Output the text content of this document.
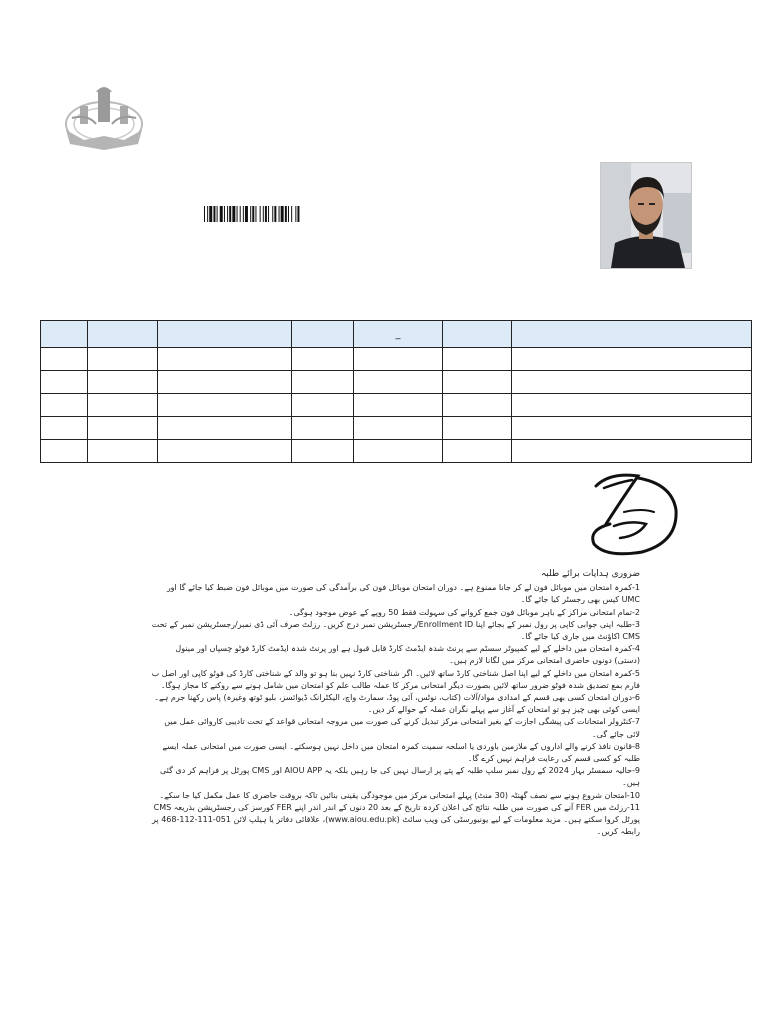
				_		

ضروری ہدایات برائے طلبہ
1-کمرہ امتحان میں موبائل فون لے کر جانا ممنوع ہے۔ دوران امتحان موبائل فون کی برآمدگی کی صورت میں موبائل فون ضبط کیا جائے گا اور UMC کیس بھی رجسٹر کیا جائے گا۔
2-تمام امتحانی مراکز کے باہر موبائل فون جمع کروانے کی سہولت فقط 50 روپے کے عوض موجود ہوگی۔
3-طلبہ اپنی جوابی کاپی پر رول نمبر کے بجائے اپنا Enrollment ID/رجسٹریشن نمبر درج کریں۔ رزلٹ صرف آئی ڈی نمبر/رجسٹریشن نمبر کے تحت CMS اکاؤنٹ میں جاری کیا جائے گا۔
4-کمرہ امتحان میں داخلے کے لیے کمپیوٹر سسٹم سے پرنٹ شدہ ایڈمٹ کارڈ قابل قبول ہے اور پرنٹ شدہ ایڈمٹ کارڈ فوٹو چسپاں اور مینول (دستی) دونوں حاضری امتحانی مرکز میں لگانا لازم ہیں۔
5-کمرہ امتحان میں داخلے کے لیے اپنا اصل شناختی کارڈ ساتھ لائیں۔ اگر شناختی کارڈ نہیں بنا ہو تو والد کے شناختی کارڈ کی فوٹو کاپی اور اصل ب فارم بمع تصدیق شدہ فوٹو ضرور ساتھ لائیں بصورت دیگر امتحانی مرکز کا عملہ طالب علم کو امتحان میں شامل ہونے سے روکنے کا مجاز ہوگا۔
6-دوران امتحان کسی بھی قسم کے امدادی مواد/آلات (کتاب، نوٹس، آئی پوڈ، سمارٹ واچ، الیکٹرانک ڈیوائسز، بلیو ٹوتھ وغیرہ) پاس رکھنا جرم ہے۔ ایسی کوئی بھی چیز ہو تو امتحان کے آغاز سے پہلے نگران عملہ کے حوالے کر دیں۔
7-کنٹرولر امتحانات کی پیشگی اجازت کے بغیر امتحانی مرکز تبدیل کرنے کی صورت میں مروجہ امتحانی قواعد کے تحت تادیبی کاروائی عمل میں لائی جائے گی۔
8-قانون نافذ کرنے والے اداروں کے ملازمین باوردی یا اسلحہ سمیت کمرہ امتحان میں داخل نہیں ہوسکتے۔ ایسی صورت میں امتحانی عملہ ایسے طلبہ کو کسی قسم کی رعایت فراہم نہیں کرے گا۔
9-حالیہ سمسٹر بہار 2024 کے رول نمبر سلپ طلبہ کے پتے پر ارسال نہیں کی جا رہیں بلکہ یہ AIOU APP اور CMS پورٹل پر فراہم کر دی گئی ہیں۔
10-امتحان شروع ہونے سے نصف گھنٹہ (30 منٹ) پہلے امتحانی مرکز میں موجودگی یقینی بنائیں تاکہ بروقت حاضری کا عمل مکمل کیا جا سکے۔
11-رزلٹ میں FER آنے کی صورت میں طلبہ نتائج کی اعلان کردہ تاریخ کے بعد 20 دنوں کے اندر اندر اپنے FER کورسز کی رجسٹریشن بذریعہ CMS پورٹل کروا سکتے ہیں۔ مزید معلومات کے لیے یونیورسٹی کی ویب سائٹ (www.aiou.edu.pk)، علاقائی دفاتر یا ہیلپ لائن 051-111-112-468 پر رابطہ کریں۔
